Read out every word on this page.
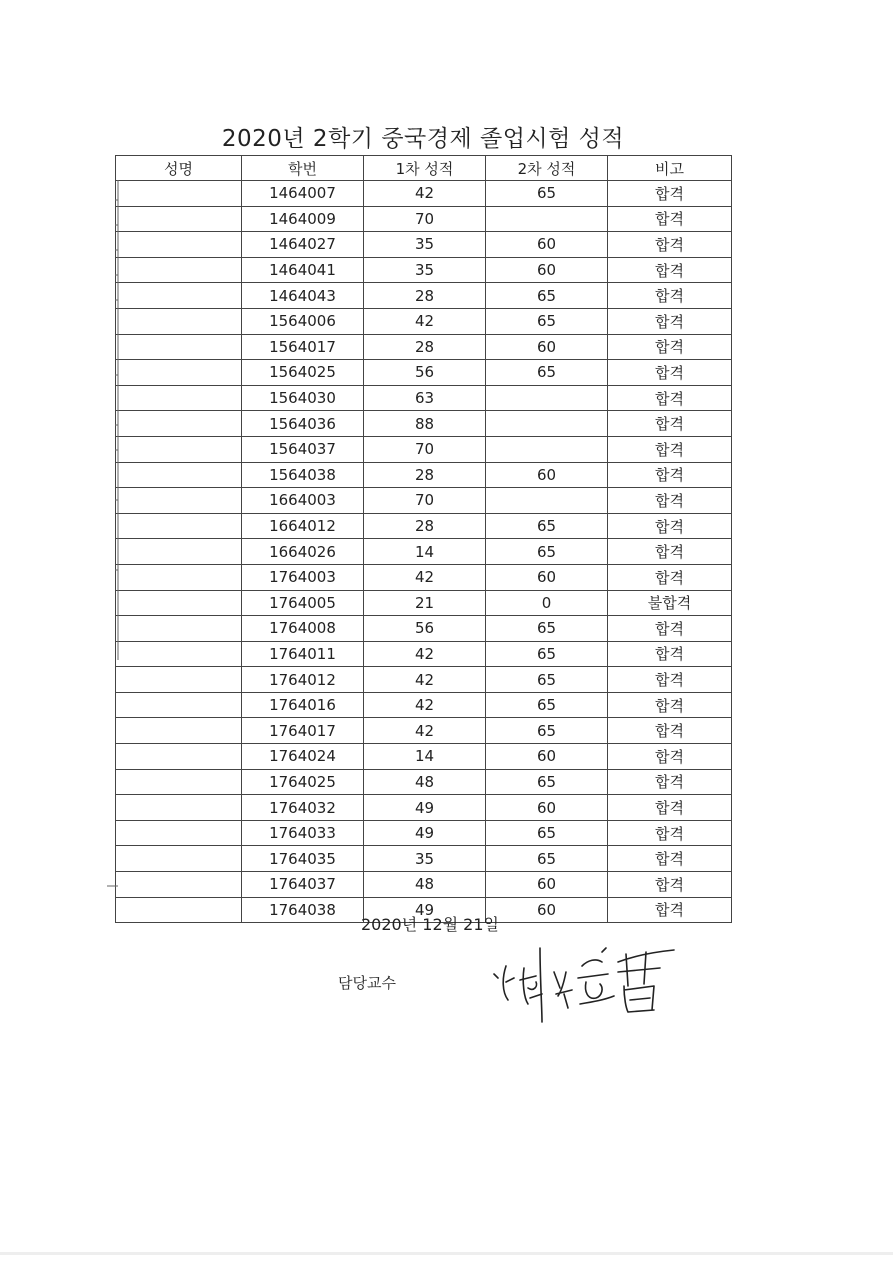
2020년 2학기 중국경제 졸업시험 성적
성명	학번	1차 성적	2차 성적	비고
	1464007	42	65	합격
	1464009	70		합격
	1464027	35	60	합격
	1464041	35	60	합격
	1464043	28	65	합격
	1564006	42	65	합격
	1564017	28	60	합격
	1564025	56	65	합격
	1564030	63		합격
	1564036	88		합격
	1564037	70		합격
	1564038	28	60	합격
	1664003	70		합격
	1664012	28	65	합격
	1664026	14	65	합격
	1764003	42	60	합격
	1764005	21	0	불합격
	1764008	56	65	합격
	1764011	42	65	합격
	1764012	42	65	합격
	1764016	42	65	합격
	1764017	42	65	합격
	1764024	14	60	합격
	1764025	48	65	합격
	1764032	49	60	합격
	1764033	49	65	합격
	1764035	35	65	합격
	1764037	48	60	합격
	1764038	49	60	합격
2020년 12월 21일
담당교수
